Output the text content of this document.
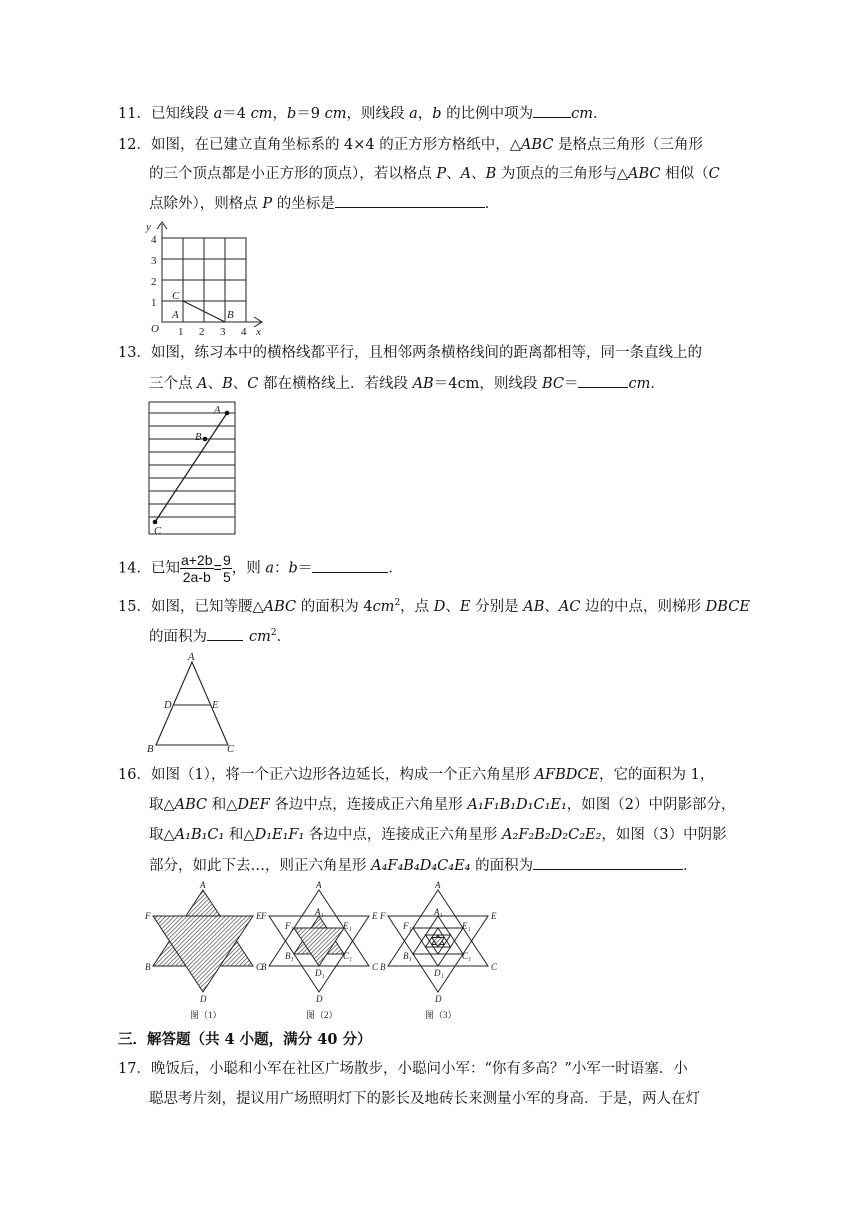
11．已知线段 a＝4 cm，b＝9 cm，则线段 a，b 的比例中项为	cm．
12．如图，在已建立直角坐标系的 4×4 的正方形方格纸中，△ABC 是格点三角形（三角形
的三个顶点都是小正方形的顶点），若以格点 P、A、B 为顶点的三角形与△ABC 相似（C
点除外），则格点 P 的坐标是	．
y
4
3
2
1
O 1 2 3 4 x
C
A	B
13．如图，练习本中的横格线都平行，且相邻两条横格线间的距离都相等，同一条直线上的
三个点 A、B、C 都在横格线上．若线段 AB＝4cm，则线段 BC＝	cm．
A
B
C
14．已知 $\frac{a+2b}{2a-b}= \frac{9}{5}$，则 a：b＝	．
15．如图，已知等腰△ABC 的面积为 $4cm^2$，点 D、E 分别是 AB、AC 边的中点，则梯形 DBCE
的面积为	$cm^2$．
A
D	E
B	C
16．如图（1），将一个正六边形各边延长，构成一个正六角星形 AFBDCE，它的面积为 1，
取△ABC 和△DEF 各边中点，连接成正六角星形 A₁F₁B₁D₁C₁E₁，如图（2）中阴影部分，
取△A₁B₁C₁ 和△D₁E₁F₁ 各边中点，连接成正六角星形 A₂F₂B₂D₂C₂E₂，如图（3）中阴影
部分，如此下去…，则正六角星形 A₄F₄B₄D₄C₄E₄ 的面积为	．
A
F	E
B	C
D
图（1）
A
F	E
B	C
D
A₁
F₁	E₁
B₁	C₁
D₁
图（2）
A
F	E
B	C
D
A₁
F₁	E₁
B₁	C₁
D₁
图（3）
三．解答题（共 4 小题，满分 40 分）
17．晚饭后，小聪和小军在社区广场散步，小聪问小军：“你有多高？”小军一时语塞．小
聪思考片刻，提议用广场照明灯下的影长及地砖长来测量小军的身高．于是，两人在灯
